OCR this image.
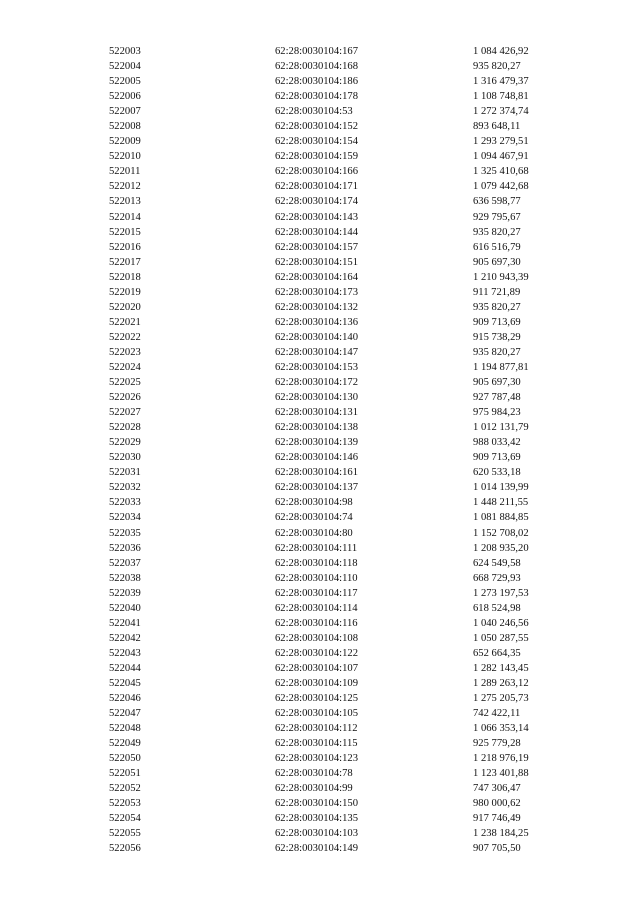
522003	62:28:0030104:167	1 084 426,92
522004	62:28:0030104:168	935 820,27
522005	62:28:0030104:186	1 316 479,37
522006	62:28:0030104:178	1 108 748,81
522007	62:28:0030104:53	1 272 374,74
522008	62:28:0030104:152	893 648,11
522009	62:28:0030104:154	1 293 279,51
522010	62:28:0030104:159	1 094 467,91
522011	62:28:0030104:166	1 325 410,68
522012	62:28:0030104:171	1 079 442,68
522013	62:28:0030104:174	636 598,77
522014	62:28:0030104:143	929 795,67
522015	62:28:0030104:144	935 820,27
522016	62:28:0030104:157	616 516,79
522017	62:28:0030104:151	905 697,30
522018	62:28:0030104:164	1 210 943,39
522019	62:28:0030104:173	911 721,89
522020	62:28:0030104:132	935 820,27
522021	62:28:0030104:136	909 713,69
522022	62:28:0030104:140	915 738,29
522023	62:28:0030104:147	935 820,27
522024	62:28:0030104:153	1 194 877,81
522025	62:28:0030104:172	905 697,30
522026	62:28:0030104:130	927 787,48
522027	62:28:0030104:131	975 984,23
522028	62:28:0030104:138	1 012 131,79
522029	62:28:0030104:139	988 033,42
522030	62:28:0030104:146	909 713,69
522031	62:28:0030104:161	620 533,18
522032	62:28:0030104:137	1 014 139,99
522033	62:28:0030104:98	1 448 211,55
522034	62:28:0030104:74	1 081 884,85
522035	62:28:0030104:80	1 152 708,02
522036	62:28:0030104:111	1 208 935,20
522037	62:28:0030104:118	624 549,58
522038	62:28:0030104:110	668 729,93
522039	62:28:0030104:117	1 273 197,53
522040	62:28:0030104:114	618 524,98
522041	62:28:0030104:116	1 040 246,56
522042	62:28:0030104:108	1 050 287,55
522043	62:28:0030104:122	652 664,35
522044	62:28:0030104:107	1 282 143,45
522045	62:28:0030104:109	1 289 263,12
522046	62:28:0030104:125	1 275 205,73
522047	62:28:0030104:105	742 422,11
522048	62:28:0030104:112	1 066 353,14
522049	62:28:0030104:115	925 779,28
522050	62:28:0030104:123	1 218 976,19
522051	62:28:0030104:78	1 123 401,88
522052	62:28:0030104:99	747 306,47
522053	62:28:0030104:150	980 000,62
522054	62:28:0030104:135	917 746,49
522055	62:28:0030104:103	1 238 184,25
522056	62:28:0030104:149	907 705,50
